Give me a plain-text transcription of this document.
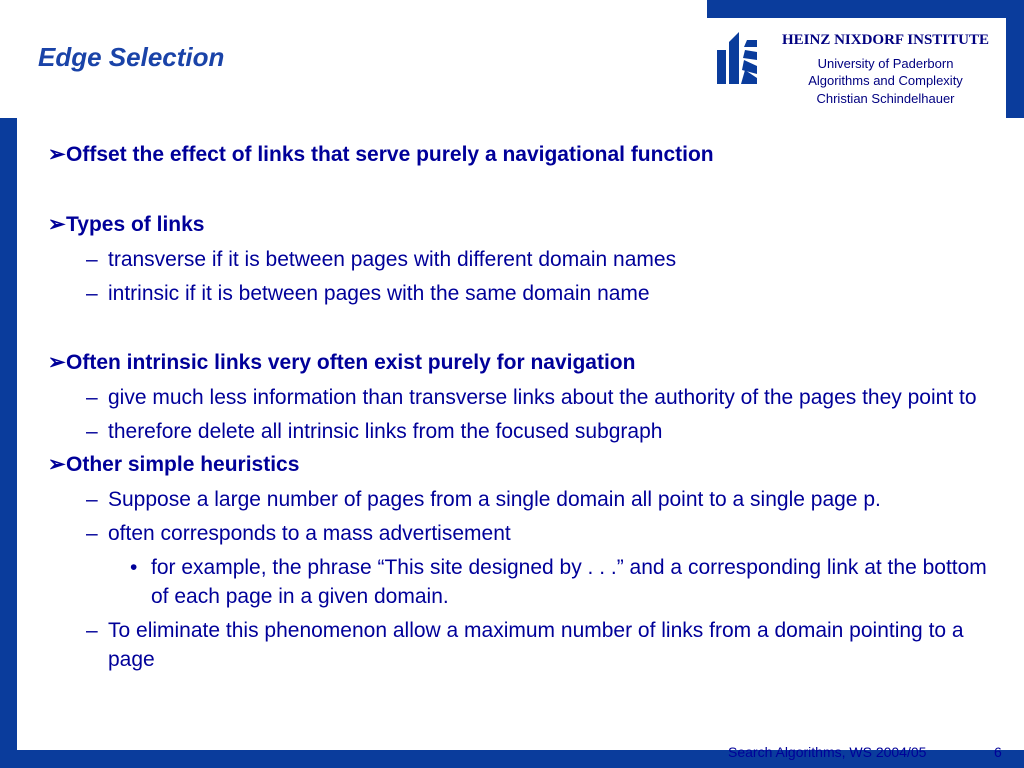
Edge Selection
HEINZ NIXDORF INSTITUTE
University of Paderborn
Algorithms and Complexity
Christian Schindelhauer
➢ Offset the effect of links that serve purely a navigational function
➢ Types of links
– transverse if it is between pages with different domain names
– intrinsic if it is between pages with the same domain name
➢ Often intrinsic links very often exist purely for navigation
– give much less information than transverse links about the authority of the pages they point to
– therefore delete all intrinsic links from the focused subgraph
➢ Other simple heuristics
– Suppose a large number of pages from a single domain all point to a single page p.
– often corresponds to a mass advertisement
• for example, the phrase “This site designed by . . .” and a corresponding link at the bottom of each page in a given domain.
– To eliminate this phenomenon allow a maximum number of links from a domain pointing to a page
Search Algorithms, WS 2004/05	6
